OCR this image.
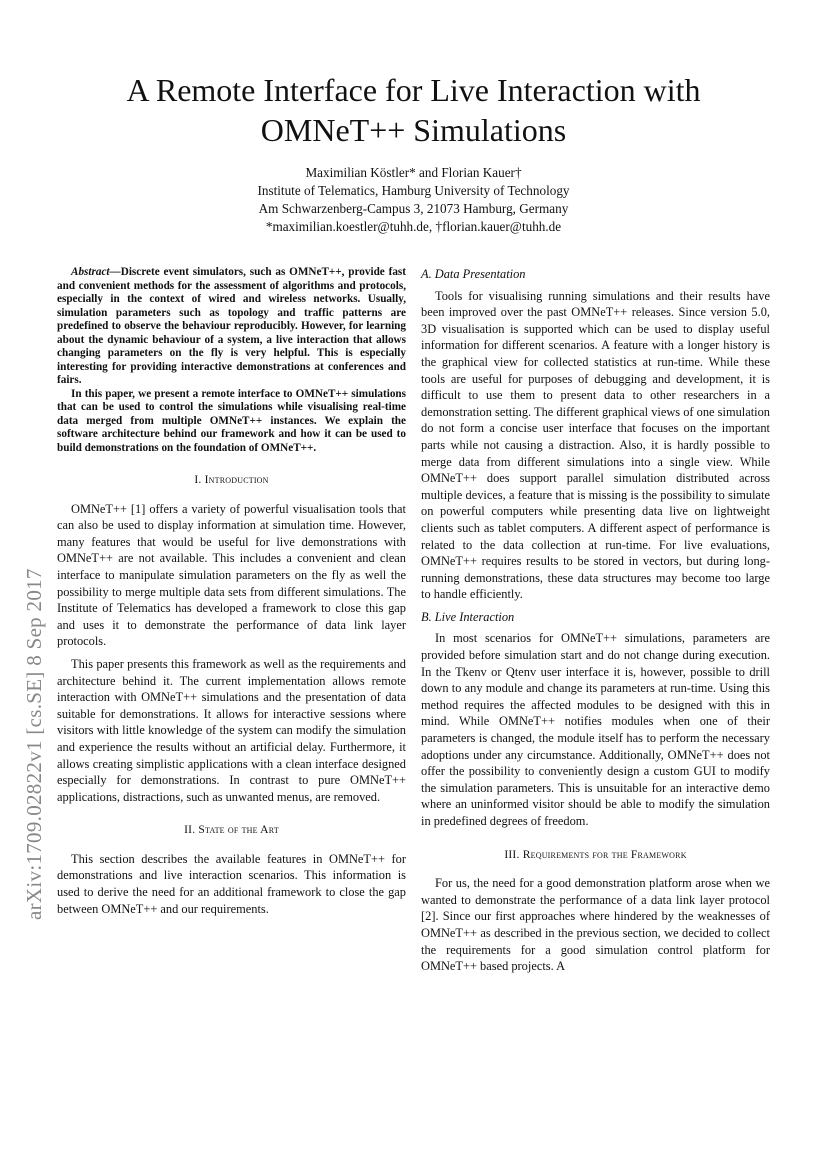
A Remote Interface for Live Interaction with OMNeT++ Simulations
Maximilian Köstler* and Florian Kauer†
Institute of Telematics, Hamburg University of Technology
Am Schwarzenberg-Campus 3, 21073 Hamburg, Germany
*maximilian.koestler@tuhh.de, †florian.kauer@tuhh.de
arXiv:1709.02822v1 [cs.SE] 8 Sep 2017

Abstract—Discrete event simulators, such as OMNeT++, provide fast and convenient methods for the assessment of algorithms and protocols, especially in the context of wired and wireless networks. Usually, simulation parameters such as topology and traffic patterns are predefined to observe the behaviour reproducibly. However, for learning about the dynamic behaviour of a system, a live interaction that allows changing parameters on the fly is very helpful. This is especially interesting for providing interactive demonstrations at conferences and fairs.

In this paper, we present a remote interface to OMNeT++ simulations that can be used to control the simulations while visualising real-time data merged from multiple OMNeT++ instances. We explain the software architecture behind our framework and how it can be used to build demonstrations on the foundation of OMNeT++.

I. Introduction

OMNeT++ [1] offers a variety of powerful visualisation tools that can also be used to display information at simulation time. However, many features that would be useful for live demonstrations with OMNeT++ are not available. This includes a convenient and clean interface to manipulate simulation parameters on the fly as well the possibility to merge multiple data sets from different simulations. The Institute of Telematics has developed a framework to close this gap and uses it to demonstrate the performance of data link layer protocols.

This paper presents this framework as well as the requirements and architecture behind it. The current implementation allows remote interaction with OMNeT++ simulations and the presentation of data suitable for demonstrations. It allows for interactive sessions where visitors with little knowledge of the system can modify the simulation and experience the results without an artificial delay. Furthermore, it allows creating simplistic applications with a clean interface designed especially for demonstrations. In contrast to pure OMNeT++ applications, distractions, such as unwanted menus, are removed.

II. State of the Art

This section describes the available features in OMNeT++ for demonstrations and live interaction scenarios. This information is used to derive the need for an additional framework to close the gap between OMNeT++ and our requirements.

A. Data Presentation

Tools for visualising running simulations and their results have been improved over the past OMNeT++ releases. Since version 5.0, 3D visualisation is supported which can be used to display useful information for different scenarios. A feature with a longer history is the graphical view for collected statistics at run-time. While these tools are useful for purposes of debugging and development, it is difficult to use them to present data to other researchers in a demonstration setting. The different graphical views of one simulation do not form a concise user interface that focuses on the important parts while not causing a distraction. Also, it is hardly possible to merge data from different simulations into a single view. While OMNeT++ does support parallel simulation distributed across multiple devices, a feature that is missing is the possibility to simulate on powerful computers while presenting data live on lightweight clients such as tablet computers. A different aspect of performance is related to the data collection at run-time. For live evaluations, OMNeT++ requires results to be stored in vectors, but during long-running demonstrations, these data structures may become too large to handle efficiently.

B. Live Interaction

In most scenarios for OMNeT++ simulations, parameters are provided before simulation start and do not change during execution. In the Tkenv or Qtenv user interface it is, however, possible to drill down to any module and change its parameters at run-time. Using this method requires the affected modules to be designed with this in mind. While OMNeT++ notifies modules when one of their parameters is changed, the module itself has to perform the necessary adoptions under any circumstance. Additionally, OMNeT++ does not offer the possibility to conveniently design a custom GUI to modify the simulation parameters. This is unsuitable for an interactive demo where an uninformed visitor should be able to modify the simulation in predefined degrees of freedom.

III. Requirements for the Framework

For us, the need for a good demonstration platform arose when we wanted to demonstrate the performance of a data link layer protocol [2]. Since our first approaches where hindered by the weaknesses of OMNeT++ as described in the previous section, we decided to collect the requirements for a good simulation control platform for OMNeT++ based projects. A
